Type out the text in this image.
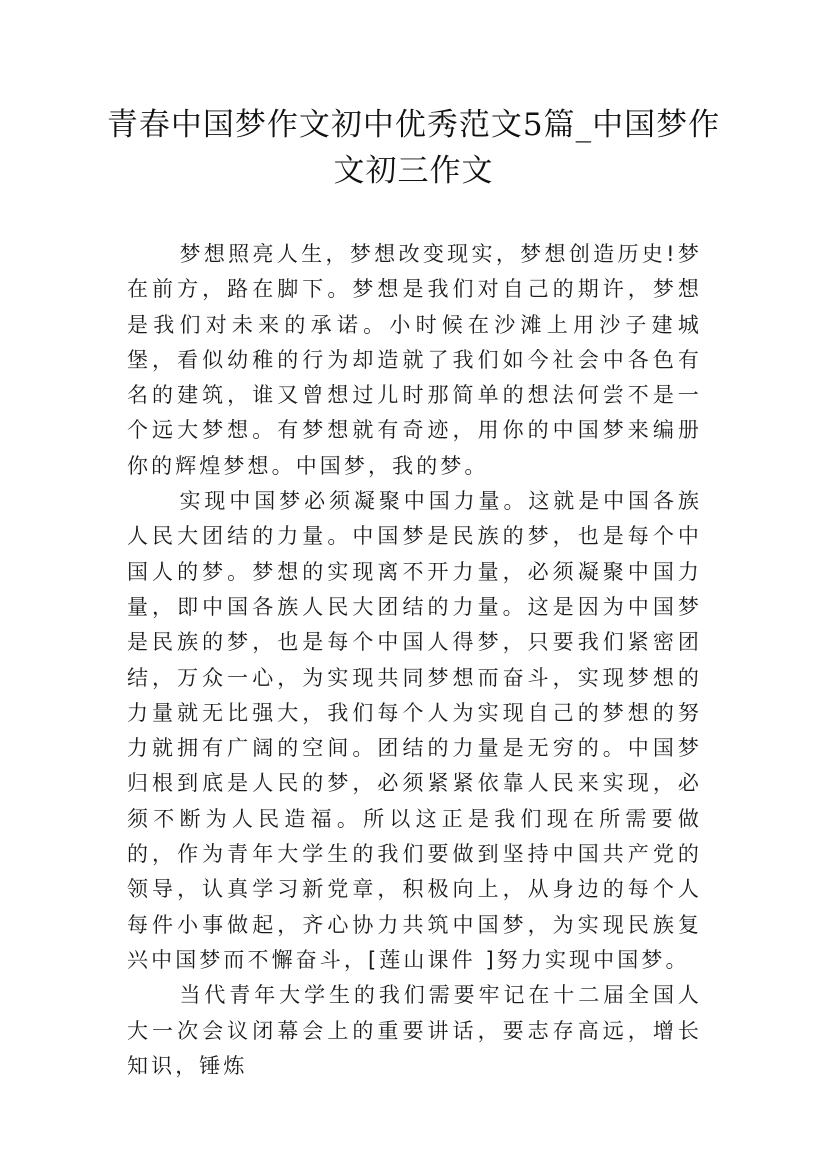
青春中国梦作文初中优秀范文5篇_中国梦作文初三作文

梦想照亮人生，梦想改变现实，梦想创造历史!梦在前方，路在脚下。梦想是我们对自己的期许，梦想是我们对未来的承诺。小时候在沙滩上用沙子建城堡，看似幼稚的行为却造就了我们如今社会中各色有名的建筑，谁又曾想过儿时那简单的想法何尝不是一个远大梦想。有梦想就有奇迹，用你的中国梦来编册你的辉煌梦想。中国梦，我的梦。

实现中国梦必须凝聚中国力量。这就是中国各族人民大团结的力量。中国梦是民族的梦，也是每个中国人的梦。梦想的实现离不开力量，必须凝聚中国力量，即中国各族人民大团结的力量。这是因为中国梦是民族的梦，也是每个中国人得梦，只要我们紧密团结，万众一心，为实现共同梦想而奋斗，实现梦想的力量就无比强大，我们每个人为实现自己的梦想的努力就拥有广阔的空间。团结的力量是无穷的。中国梦归根到底是人民的梦，必须紧紧依靠人民来实现，必须不断为人民造福。所以这正是我们现在所需要做的，作为青年大学生的我们要做到坚持中国共产党的领导，认真学习新党章，积极向上，从身边的每个人每件小事做起，齐心协力共筑中国梦，为实现民族复兴中国梦而不懈奋斗，[莲山课件 ]努力实现中国梦。

当代青年大学生的我们需要牢记在十二届全国人大一次会议闭幕会上的重要讲话，要志存高远，增长知识，锤炼
